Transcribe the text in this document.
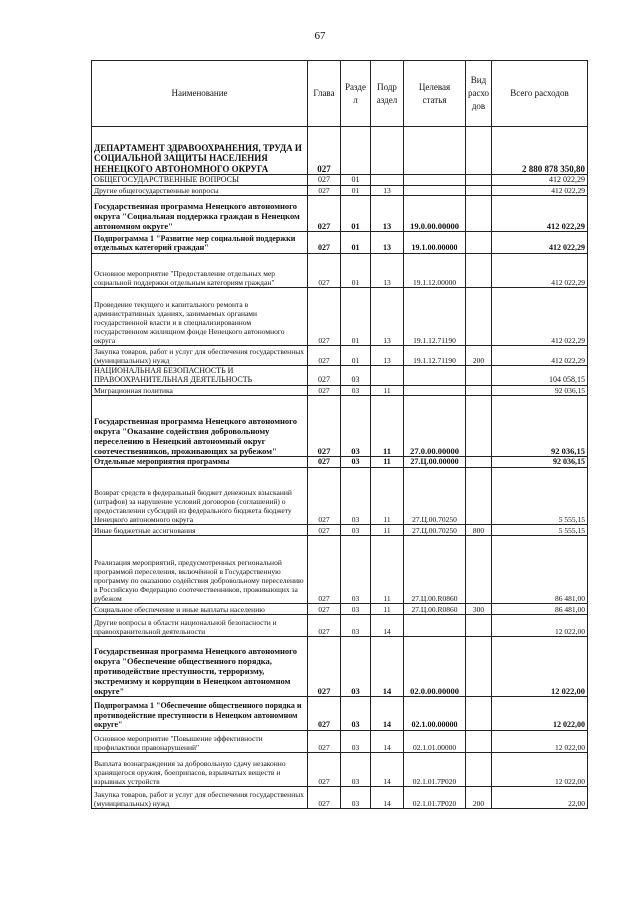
67
Наименование	Глава	Разде л	Подр аздел	Целевая статья	Вид расхо дов	Всего расходов
ДЕПАРТАМЕНТ ЗДРАВООХРАНЕНИЯ, ТРУДА И СОЦИАЛЬНОЙ ЗАЩИТЫ НАСЕЛЕНИЯ НЕНЕЦКОГО АВТОНОМНОГО ОКРУГА	027					2 880 878 350,80
ОБЩЕГОСУДАРСТВЕННЫЕ ВОПРОСЫ	027	01				412 022,29
Другие общегосударственные вопросы	027	01	13			412 022,29
Государственная программа Ненецкого автономного округа "Социальная поддержка граждан в Ненецком автономном округе"	027	01	13	19.0.00.00000		412 022,29
Подпрограмма 1 "Развитие мер социальной поддержки отдельных категорий граждан"	027	01	13	19.1.00.00000		412 022,29
Основное мероприятие "Предоставление отдельных мер социальной поддержки отдельным категориям граждан"	027	01	13	19.1.12.00000		412 022,29
Проведение текущего и капитального ремонта в административных зданиях, занимаемых органами государственной власти и в специализированном государственном жилищном фонде Ненецкого автономного округа	027	01	13	19.1.12.71190		412 022,29
Закупка товаров, работ и услуг для обеспечения государственных (муниципальных) нужд	027	01	13	19.1.12.71190	200	412 022,29
НАЦИОНАЛЬНАЯ БЕЗОПАСНОСТЬ И ПРАВООХРАНИТЕЛЬНАЯ ДЕЯТЕЛЬНОСТЬ	027	03				104 058,15
Миграционная политика	027	03	11			92 036,15
Государственная программа Ненецкого автономного округа "Оказание содействия добровольному переселению в Ненецкий автономный округ соотечественников, проживающих за рубежом"	027	03	11	27.0.00.00000		92 036,15
Отдельные мероприятия программы	027	03	11	27.Ц.00.00000		92 036,15
Возврат средств в федеральный бюджет денежных взысканий (штрафов) за нарушение условий договоров (соглашений) о предоставлении субсидий из федерального бюджета бюджету Ненецкого автономного округа	027	03	11	27.Ц.00.70250		5 555,15
Иные бюджетные ассигнования	027	03	11	27.Ц.00.70250	800	5 555,15
Реализация мероприятий, предусмотренных региональной программой переселения, включённой в Государственную программу по оказанию содействия добровольному переселению в Российскую Федерацию соотечественников, проживающих за рубежом	027	03	11	27.Ц.00.R0860		86 481,00
Социальное обеспечение и иные выплаты населению	027	03	11	27.Ц.00.R0860	300	86 481,00
Другие вопросы в области национальной безопасности и правоохранительной деятельности	027	03	14			12 022,00
Государственная программа Ненецкого автономного округа "Обеспечение общественного порядка, противодействие преступности, терроризму, экстремизму и коррупции в Ненецком автономном округе"	027	03	14	02.0.00.00000		12 022,00
Подпрограмма 1 "Обеспечение общественного порядка и противодействие преступности в Ненецком автономном округе"	027	03	14	02.1.00.00000		12 022,00
Основное мероприятие "Повышение эффективности профилактики правонарушений"	027	03	14	02.1.01.00000		12 022,00
Выплата вознаграждения за добровольную сдачу незаконно хранящегося оружия, боеприпасов, взрывчатых веществ и взрывных устройств	027	03	14	02.1.01.7Р020		12 022,00
Закупка товаров, работ и услуг для обеспечения государственных (муниципальных) нужд	027	03	14	02.1.01.7Р020	200	22,00
